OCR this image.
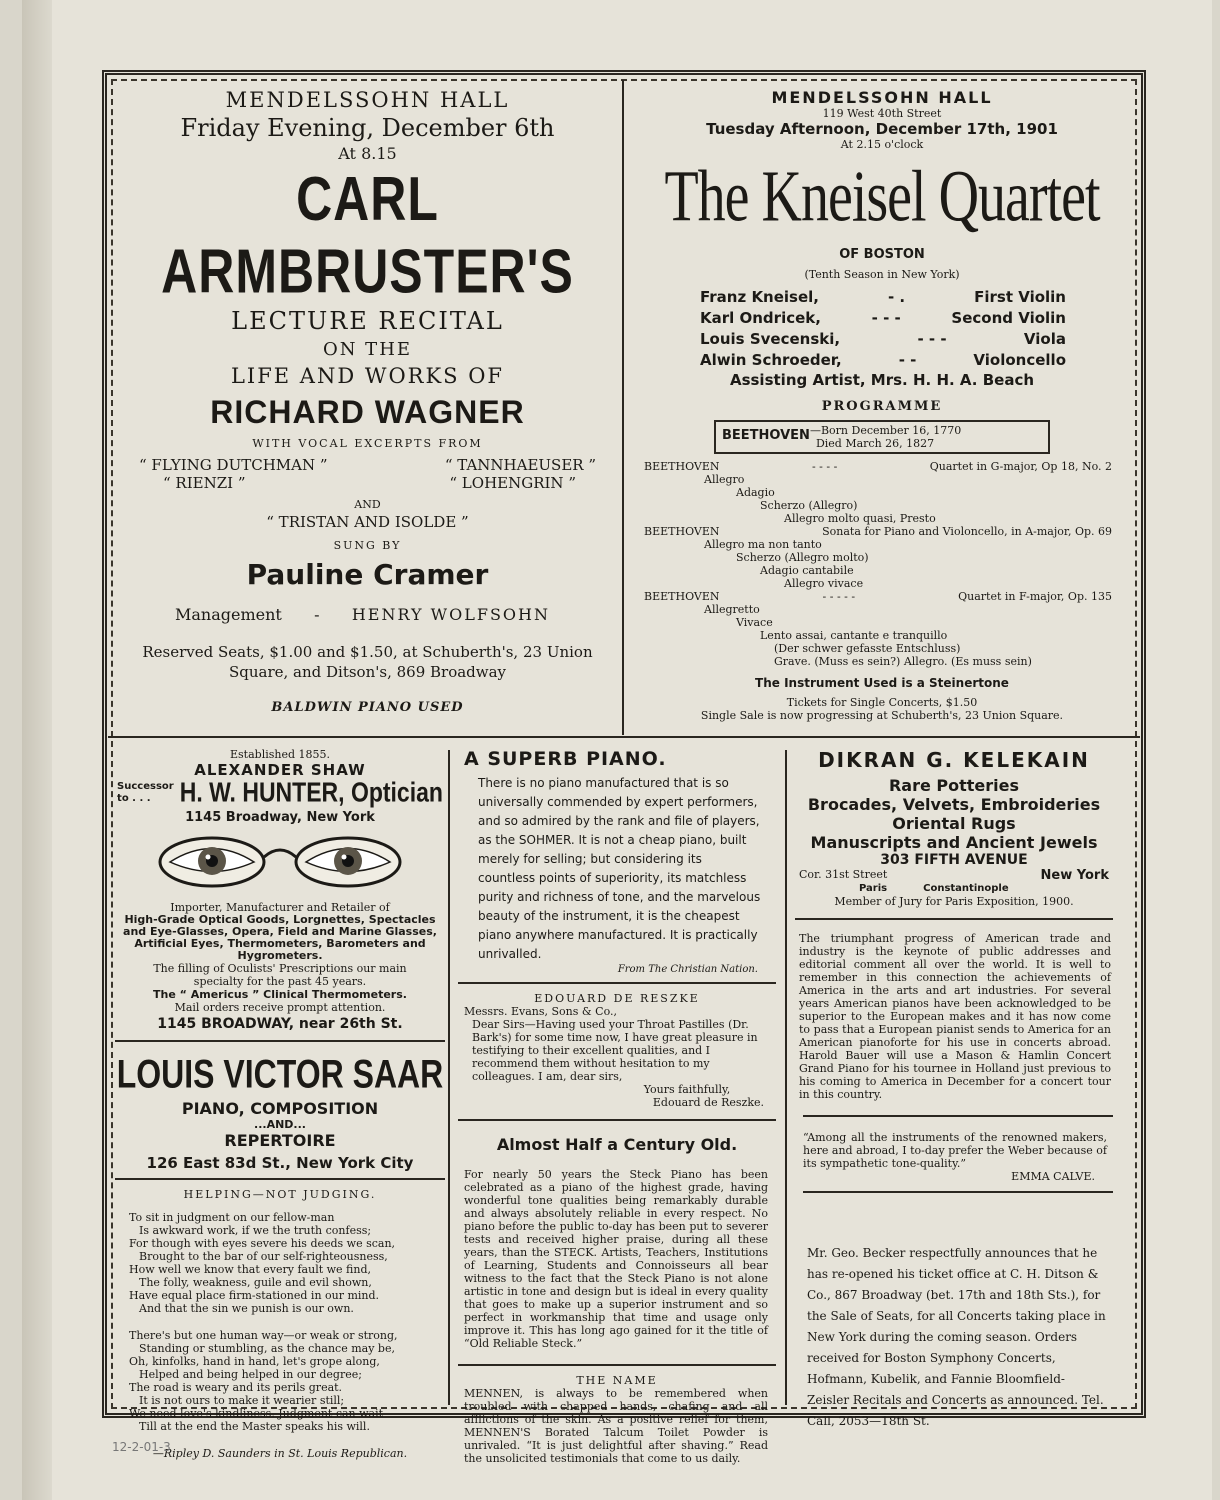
MENDELSSOHN HALL
Friday Evening, December 6th
At 8.15
CARL ARMBRUSTER'S
LECTURE RECITAL
ON THE
LIFE AND WORKS OF
RICHARD WAGNER
WITH VOCAL EXCERPTS FROM
“ FLYING DUTCHMAN ”	“ TANNHAEUSER ”
“ RIENZI ”	“ LOHENGRIN ”
AND
“ TRISTAN AND ISOLDE ”
SUNG BY
Pauline Cramer
Management - HENRY WOLFSOHN
Reserved Seats, $1.00 and $1.50, at Schuberth's, 23 Union Square, and Ditson's, 869 Broadway
BALDWIN PIANO USED
MENDELSSOHN HALL
119 West 40th Street
Tuesday Afternoon, December 17th, 1901
At 2.15 o'clock
The Kneisel Quartet
OF BOSTON
(Tenth Season in New York)
Franz Kneisel,	- .	First Violin
Karl Ondricek,	- - -	Second Violin
Louis Svecenski,	- - -	Viola
Alwin Schroeder,	- -	Violoncello
Assisting Artist, Mrs. H. H. A. Beach
PROGRAMME
BEETHOVEN —Born December 16, 1770
Died March 26, 1827
BEETHOVEN	- - - -	Quartet in G-major, Op 18, No. 2
Allegro
Adagio
Scherzo (Allegro)
Allegro molto quasi, Presto
BEETHOVEN	Sonata for Piano and Violoncello, in A-major, Op. 69
Allegro ma non tanto
Scherzo (Allegro molto)
Adagio cantabile
Allegro vivace
BEETHOVEN	- - - - -	Quartet in F-major, Op. 135
Allegretto
Vivace
Lento assai, cantante e tranquillo
(Der schwer gefasste Entschluss)
Grave. (Muss es sein?) Allegro. (Es muss sein)
The Instrument Used is a Steinertone
Tickets for Single Concerts, $1.50
Single Sale is now progressing at Schuberth's, 23 Union Square.
Established 1855.
ALEXANDER SHAW
Successor
to . . .	H. W. HUNTER, Optician
1145 Broadway, New York
Importer, Manufacturer and Retailer of
High-Grade Optical Goods, Lorgnettes, Spectacles and Eye-Glasses, Opera, Field and Marine Glasses, Artificial Eyes, Thermometers, Barometers and Hygrometers.
The filling of Oculists' Prescriptions our main specialty for the past 45 years.
The “ Americus ” Clinical Thermometers.
Mail orders receive prompt attention.
1145 BROADWAY, near 26th St.
LOUIS VICTOR SAAR
PIANO, COMPOSITION
...AND...
REPERTOIRE
126 East 83d St., New York City
HELPING—NOT JUDGING.

To sit in judgment on our fellow-man
Is awkward work, if we the truth confess;
For though with eyes severe his deeds we scan,
Brought to the bar of our self-righteousness,
How well we know that every fault we find,
The folly, weakness, guile and evil shown,
Have equal place firm-stationed in our mind.
And that the sin we punish is our own.

There's but one human way—or weak or strong,
Standing or stumbling, as the chance may be,
Oh, kinfolks, hand in hand, let's grope along,
Helped and being helped in our degree;
The road is weary and its perils great.
It is not ours to make it wearier still;
We need love's kindliness. Judgment can wait
Till at the end the Master speaks his will.

—Ripley D. Saunders in St. Louis Republican.
A SUPERB PIANO.
There is no piano manufactured that is so universally commended by expert performers, and so admired by the rank and file of players, as the SOHMER. It is not a cheap piano, built merely for selling; but considering its countless points of superiority, its matchless purity and richness of tone, and the marvelous beauty of the instrument, it is the cheapest piano anywhere manufactured. It is practically unrivalled.
From The Christian Nation.
EDOUARD DE RESZKE
Messrs. Evans, Sons & Co.,
Dear Sirs—Having used your Throat Pastilles (Dr. Bark's) for some time now, I have great pleasure in testifying to their excellent qualities, and I recommend them without hesitation to my colleagues. I am, dear sirs,
Yours faithfully,
Edouard de Reszke.
Almost Half a Century Old.
For nearly 50 years the Steck Piano has been celebrated as a piano of the highest grade, having wonderful tone qualities being remarkably durable and always absolutely reliable in every respect. No piano before the public to-day has been put to severer tests and received higher praise, during all these years, than the STECK. Artists, Teachers, Institutions of Learning, Students and Connoisseurs all bear witness to the fact that the Steck Piano is not alone artistic in tone and design but is ideal in every quality that goes to make up a superior instrument and so perfect in workmanship that time and usage only improve it. This has long ago gained for it the title of “Old Reliable Steck.”
THE NAME
MENNEN, is always to be remembered when troubled with chapped hands, chafing and all afflictions of the skin. As a positive relief for them, MENNEN'S Borated Talcum Toilet Powder is unrivaled. “It is just delightful after shaving.” Read the unsolicited testimonials that come to us daily.
DIKRAN G. KELEKAIN
Rare Potteries
Brocades, Velvets, Embroideries
Oriental Rugs
Manuscripts and Ancient Jewels
303 FIFTH AVENUE
Cor. 31st Street	New York
Paris	Constantinople
Member of Jury for Paris Exposition, 1900.
The triumphant progress of American trade and industry is the keynote of public addresses and editorial comment all over the world. It is well to remember in this connection the achievements of America in the arts and art industries. For several years American pianos have been acknowledged to be superior to the European makes and it has now come to pass that a European pianist sends to America for an American pianoforte for his use in concerts abroad. Harold Bauer will use a Mason & Hamlin Concert Grand Piano for his tournee in Holland just previous to his coming to America in December for a concert tour in this country.
“Among all the instruments of the renowned makers, here and abroad, I to-day prefer the Weber because of its sympathetic tone-quality.”
EMMA CALVE.
Mr. Geo. Becker respectfully announces that he has re-opened his ticket office at C. H. Ditson & Co., 867 Broadway (bet. 17th and 18th Sts.), for the Sale of Seats, for all Concerts taking place in New York during the coming season. Orders received for Boston Symphony Concerts, Hofmann, Kubelik, and Fannie Bloomfield-Zeisler Recitals and Concerts as announced. Tel. Call, 2053—18th St.
12-2-01-3
